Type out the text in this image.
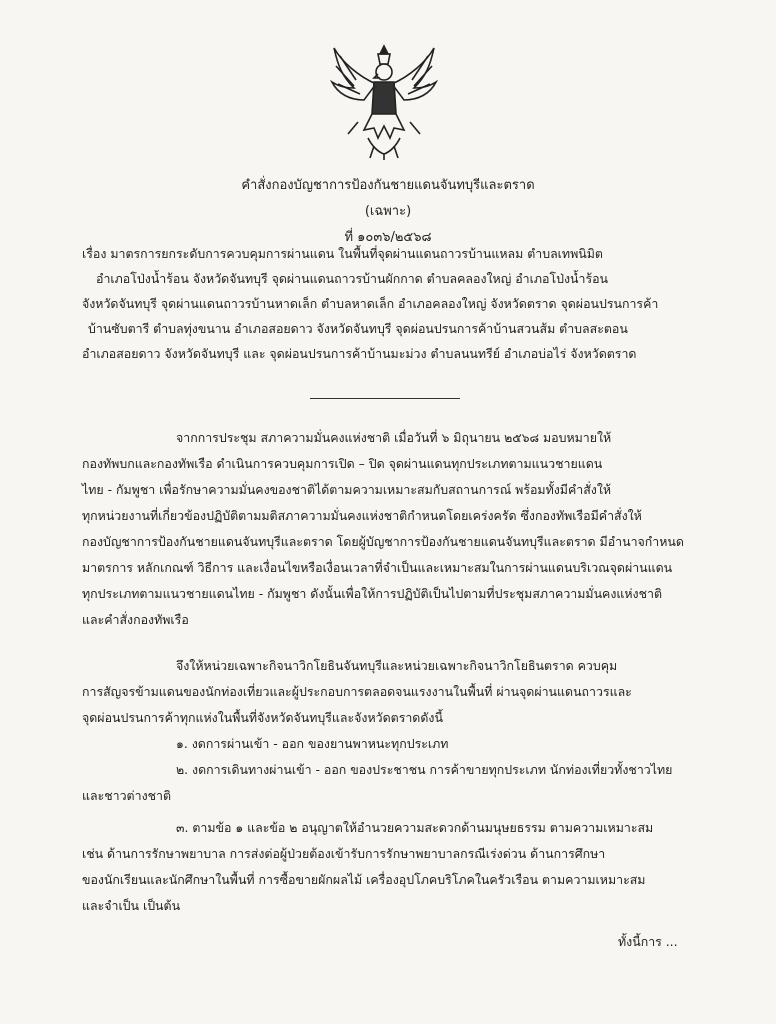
คำสั่งกองบัญชาการป้องกันชายแดนจันทบุรีและตราด
(เฉพาะ)
ที่ ๑๐๓๖/๒๕๖๘
เรื่อง มาตรการยกระดับการควบคุมการผ่านแดน ในพื้นที่จุดผ่านแดนถาวรบ้านแหลม ตำบลเทพนิมิต
อำเภอโป่งน้ำร้อน จังหวัดจันทบุรี จุดผ่านแดนถาวรบ้านผักกาด ตำบลคลองใหญ่ อำเภอโป่งน้ำร้อน
จังหวัดจันทบุรี จุดผ่านแดนถาวรบ้านหาดเล็ก ตำบลหาดเล็ก อำเภอคลองใหญ่ จังหวัดตราด จุดผ่อนปรนการค้า
บ้านซับตารี ตำบลทุ่งขนาน อำเภอสอยดาว จังหวัดจันทบุรี จุดผ่อนปรนการค้าบ้านสวนส้ม ตำบลสะตอน
อำเภอสอยดาว จังหวัดจันทบุรี และ จุดผ่อนปรนการค้าบ้านมะม่วง ตำบลนนทรีย์ อำเภอบ่อไร่ จังหวัดตราด
จากการประชุม สภาความมั่นคงแห่งชาติ เมื่อวันที่ ๖ มิถุนายน ๒๕๖๘ มอบหมายให้
กองทัพบกและกองทัพเรือ ดำเนินการควบคุมการเปิด – ปิด จุดผ่านแดนทุกประเภทตามแนวชายแดน
ไทย - กัมพูชา เพื่อรักษาความมั่นคงของชาติได้ตามความเหมาะสมกับสถานการณ์ พร้อมทั้งมีคำสั่งให้
ทุกหน่วยงานที่เกี่ยวข้องปฏิบัติตามมติสภาความมั่นคงแห่งชาติกำหนดโดยเคร่งครัด ซึ่งกองทัพเรือมีคำสั่งให้
กองบัญชาการป้องกันชายแดนจันทบุรีและตราด โดยผู้บัญชาการป้องกันชายแดนจันทบุรีและตราด มีอำนาจกำหนด
มาตรการ หลักเกณฑ์ วิธีการ และเงื่อนไขหรือเงื่อนเวลาที่จำเป็นและเหมาะสมในการผ่านแดนบริเวณจุดผ่านแดน
ทุกประเภทตามแนวชายแดนไทย - กัมพูชา ดังนั้นเพื่อให้การปฏิบัติเป็นไปตามที่ประชุมสภาความมั่นคงแห่งชาติ
และคำสั่งกองทัพเรือ
จึงให้หน่วยเฉพาะกิจนาวิกโยธินจันทบุรีและหน่วยเฉพาะกิจนาวิกโยธินตราด ควบคุม
การสัญจรข้ามแดนของนักท่องเที่ยวและผู้ประกอบการตลอดจนแรงงานในพื้นที่ ผ่านจุดผ่านแดนถาวรและ
จุดผ่อนปรนการค้าทุกแห่งในพื้นที่จังหวัดจันทบุรีและจังหวัดตราดดังนี้
๑. งดการผ่านเข้า - ออก ของยานพาหนะทุกประเภท
๒. งดการเดินทางผ่านเข้า - ออก ของประชาชน การค้าขายทุกประเภท นักท่องเที่ยวทั้งชาวไทย
และชาวต่างชาติ
๓. ตามข้อ ๑ และข้อ ๒ อนุญาตให้อำนวยความสะดวกด้านมนุษยธรรม ตามความเหมาะสม
เช่น ด้านการรักษาพยาบาล การส่งต่อผู้ป่วยต้องเข้ารับการรักษาพยาบาลกรณีเร่งด่วน ด้านการศึกษา
ของนักเรียนและนักศึกษาในพื้นที่ การซื้อขายผักผลไม้ เครื่องอุปโภคบริโภคในครัวเรือน ตามความเหมาะสม
และจำเป็น เป็นต้น
ทั้งนี้การ ...
